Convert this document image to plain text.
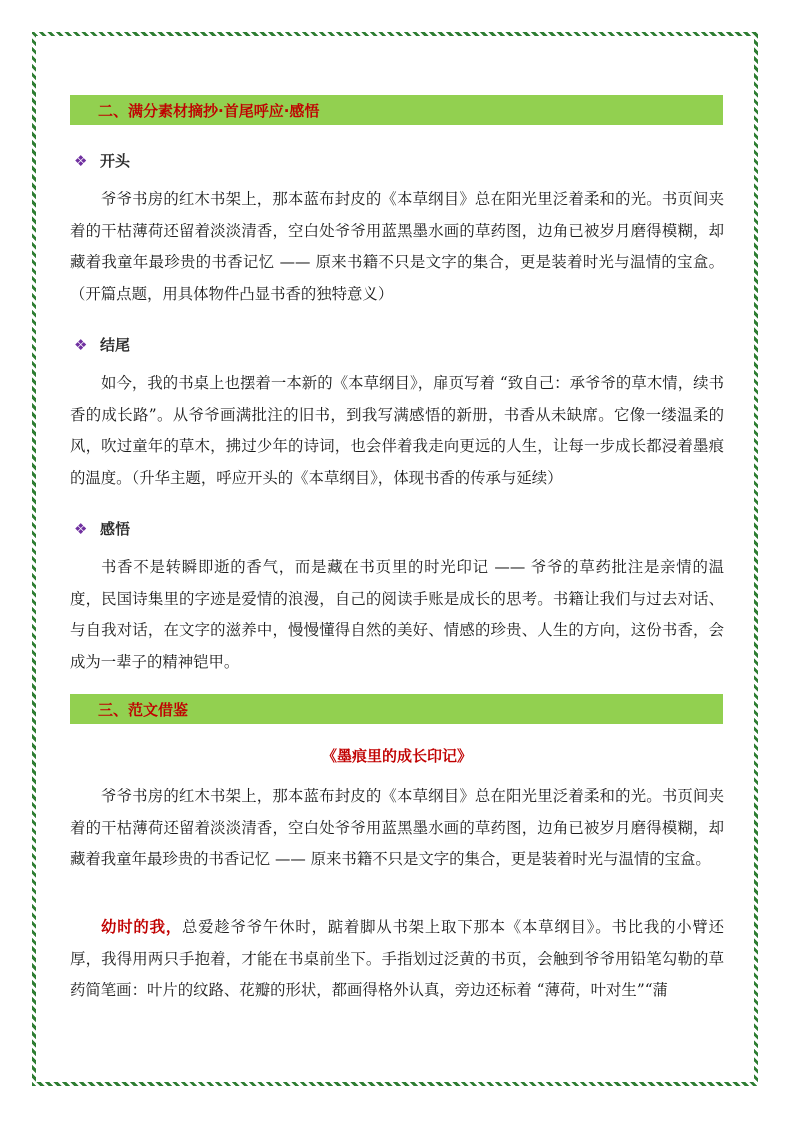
二、满分素材摘抄·首尾呼应·感悟
❖ 开头

爷爷书房的红木书架上，那本蓝布封皮的《本草纲目》总在阳光里泛着柔和的光。书页间夹着的干枯薄荷还留着淡淡清香，空白处爷爷用蓝黑墨水画的草药图，边角已被岁月磨得模糊，却藏着我童年最珍贵的书香记忆 —— 原来书籍不只是文字的集合，更是装着时光与温情的宝盒。（开篇点题，用具体物件凸显书香的独特意义）

❖ 结尾

如今，我的书桌上也摆着一本新的《本草纲目》，扉页写着 “致自己：承爷爷的草木情，续书香的成长路”。从爷爷画满批注的旧书，到我写满感悟的新册，书香从未缺席。它像一缕温柔的风，吹过童年的草木，拂过少年的诗词，也会伴着我走向更远的人生，让每一步成长都浸着墨痕的温度。（升华主题，呼应开头的《本草纲目》，体现书香的传承与延续）

❖ 感悟

书香不是转瞬即逝的香气，而是藏在书页里的时光印记 —— 爷爷的草药批注是亲情的温度，民国诗集里的字迹是爱情的浪漫，自己的阅读手账是成长的思考。书籍让我们与过去对话、与自我对话，在文字的滋养中，慢慢懂得自然的美好、情感的珍贵、人生的方向，这份书香，会成为一辈子的精神铠甲。

三、范文借鉴
《墨痕里的成长印记》

爷爷书房的红木书架上，那本蓝布封皮的《本草纲目》总在阳光里泛着柔和的光。书页间夹着的干枯薄荷还留着淡淡清香，空白处爷爷用蓝黑墨水画的草药图，边角已被岁月磨得模糊，却藏着我童年最珍贵的书香记忆 —— 原来书籍不只是文字的集合，更是装着时光与温情的宝盒。

幼时的我，总爱趁爷爷午休时，踮着脚从书架上取下那本《本草纲目》。书比我的小臂还厚，我得用两只手抱着，才能在书桌前坐下。手指划过泛黄的书页，会触到爷爷用铅笔勾勒的草药简笔画：叶片的纹路、花瓣的形状，都画得格外认真，旁边还标着 “薄荷，叶对生”“蒲
